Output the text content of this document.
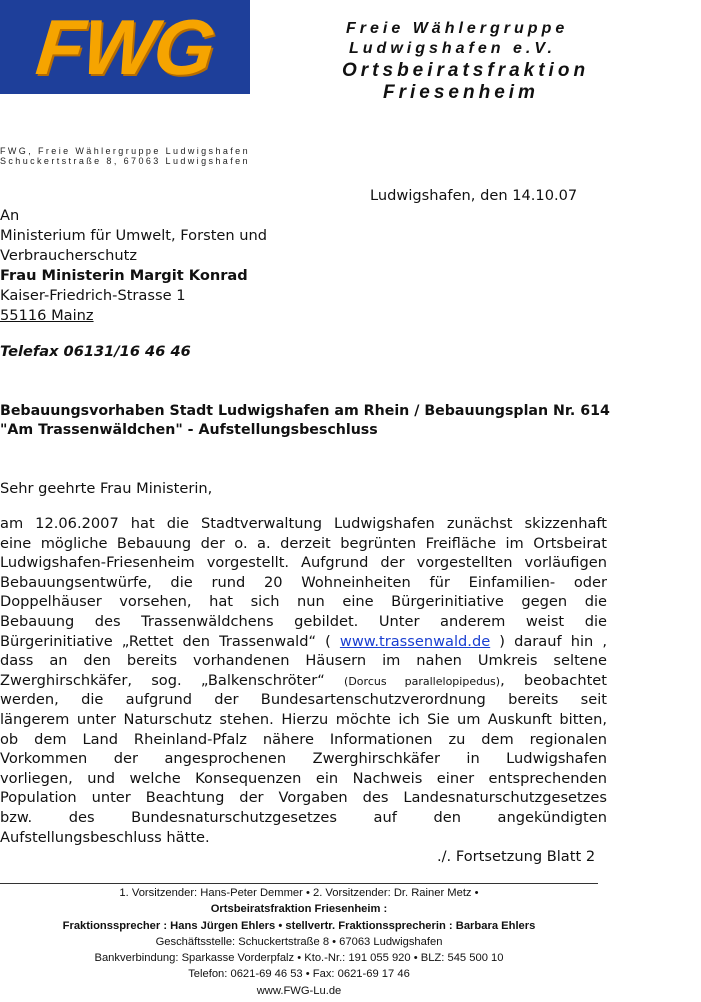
FWG	Freie Wählergruppe
Ludwigshafen e.V.
Ortsbeiratsfraktion
Friesenheim
FWG, Freie Wählergruppe Ludwigshafen
Schuckertstraße 8, 67063 Ludwigshafen
Ludwigshafen, den 14.10.07
An
Ministerium für Umwelt, Forsten und
Verbraucherschutz
Frau Ministerin Margit Konrad
Kaiser-Friedrich-Strasse 1
55116 Mainz
Telefax 06131/16 46 46
Bebauungsvorhaben Stadt Ludwigshafen am Rhein / Bebauungsplan Nr. 614
"Am Trassenwäldchen" - Aufstellungsbeschluss
Sehr geehrte Frau Ministerin,
am 12.06.2007 hat die Stadtverwaltung Ludwigshafen zunächst skizzenhaft
eine mögliche Bebauung der o. a. derzeit begrünten Freifläche im Ortsbeirat
Ludwigshafen-Friesenheim vorgestellt. Aufgrund der vorgestellten vorläufigen
Bebauungsentwürfe, die rund 20 Wohneinheiten für Einfamilien- oder
Doppelhäuser vorsehen, hat sich nun eine Bürgerinitiative gegen die
Bebauung des Trassenwäldchens gebildet. Unter anderem weist die
Bürgerinitiative „Rettet den Trassenwald“ ( www.trassenwald.de ) darauf hin ,
dass an den bereits vorhandenen Häusern im nahen Umkreis seltene
Zwerghirschkäfer, sog. „Balkenschröter“ (Dorcus parallelopipedus), beobachtet
werden, die aufgrund der Bundesartenschutzverordnung bereits seit
längerem unter Naturschutz stehen. Hierzu möchte ich Sie um Auskunft bitten,
ob dem Land Rheinland-Pfalz nähere Informationen zu dem regionalen
Vorkommen der angesprochenen Zwerghirschkäfer in Ludwigshafen
vorliegen, und welche Konsequenzen ein Nachweis einer entsprechenden
Population unter Beachtung der Vorgaben des Landesnaturschutzgesetzes
bzw. des Bundesnaturschutzgesetzes auf den angekündigten
Aufstellungsbeschluss hätte.
./. Fortsetzung Blatt 2
1. Vorsitzender: Hans-Peter Demmer • 2. Vorsitzender: Dr. Rainer Metz •
Ortsbeiratsfraktion Friesenheim :
Fraktionssprecher : Hans Jürgen Ehlers • stellvertr. Fraktionssprecherin : Barbara Ehlers
Geschäftsstelle: Schuckertstraße 8 • 67063 Ludwigshafen
Bankverbindung: Sparkasse Vorderpfalz • Kto.-Nr.: 191 055 920 • BLZ: 545 500 10
Telefon: 0621-69 46 53 • Fax: 0621-69 17 46
www.FWG-Lu.de
